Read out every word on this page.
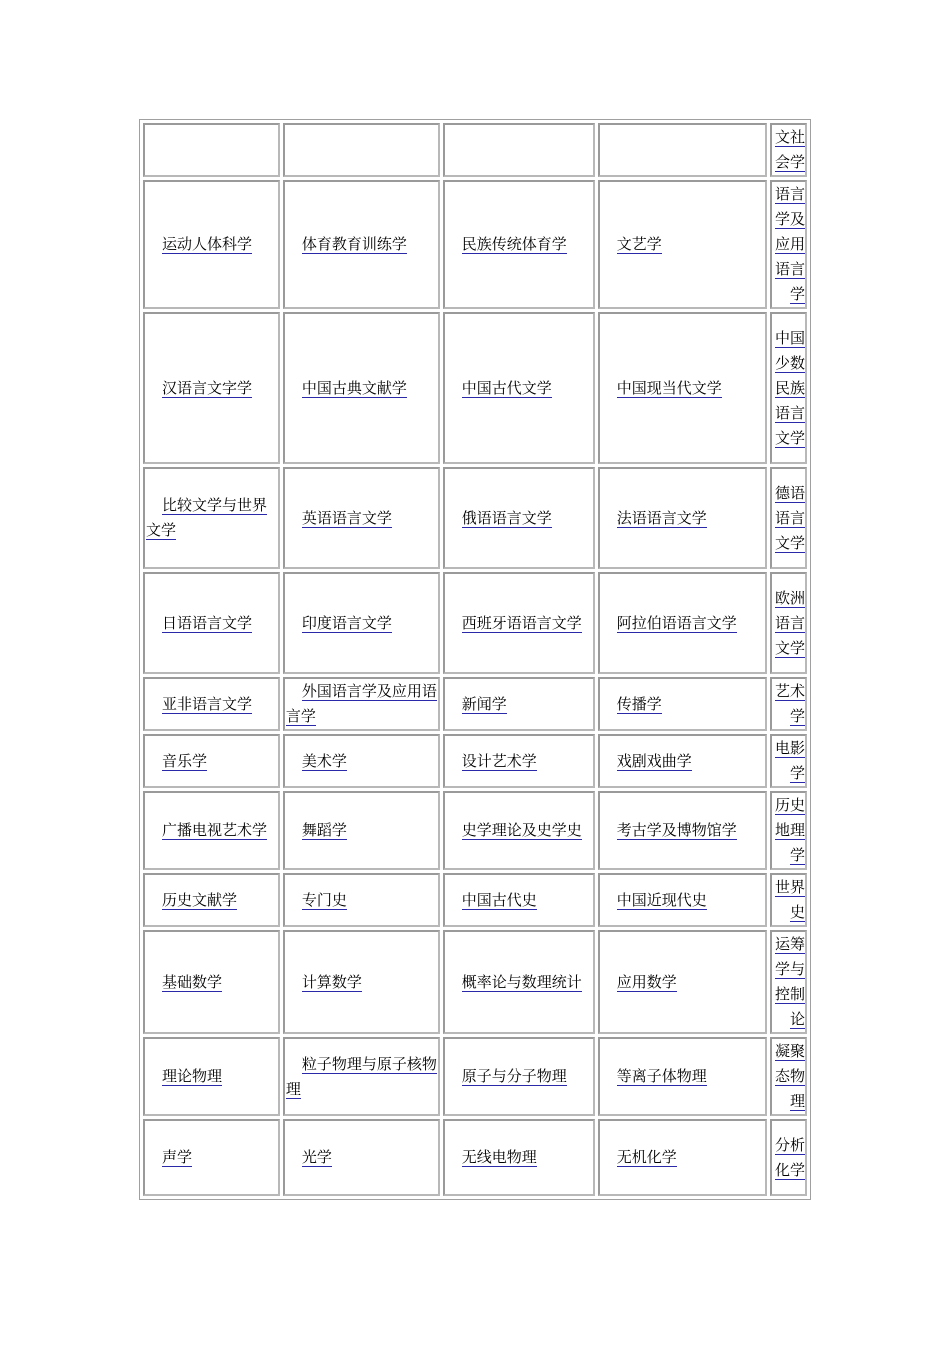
				文社会学
运动人体科学	体育教育训练学	民族传统体育学	文艺学	语言学及应用语言学
汉语言文字学	中国古典文献学	中国古代文学	中国现当代文学	中国少数民族语言文学
比较文学与世界文学	英语语言文学	俄语语言文学	法语语言文学	德语语言文学
日语语言文学	印度语言文学	西班牙语语言文学	阿拉伯语语言文学	欧洲语言文学
亚非语言文学	外国语言学及应用语言学	新闻学	传播学	艺术学
音乐学	美术学	设计艺术学	戏剧戏曲学	电影学
广播电视艺术学	舞蹈学	史学理论及史学史	考古学及博物馆学	历史地理学
历史文献学	专门史	中国古代史	中国近现代史	世界史
基础数学	计算数学	概率论与数理统计	应用数学	运筹学与控制论
理论物理	粒子物理与原子核物理	原子与分子物理	等离子体物理	凝聚态物理
声学	光学	无线电物理	无机化学	分析化学
